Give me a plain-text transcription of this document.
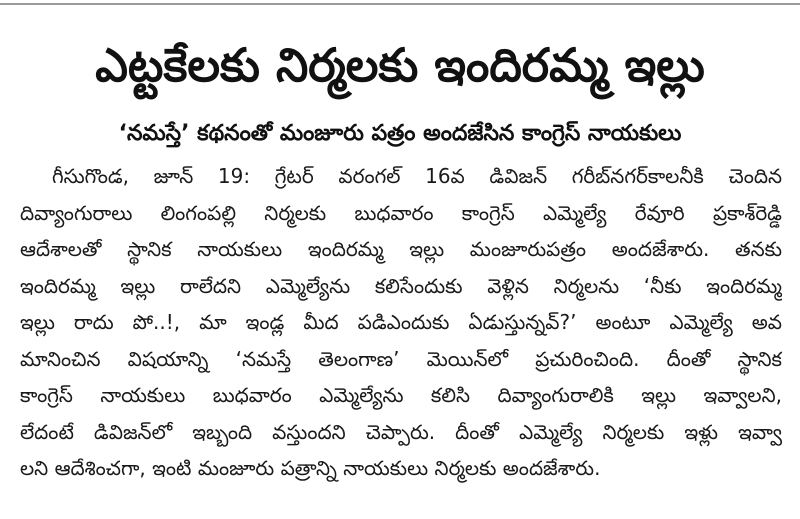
ఎట్టకేలకు నిర్మలకు ఇందిరమ్మ ఇల్లు
‘నమస్తే’ కథనంతో మంజూరు పత్రం అందజేసిన కాంగ్రెస్ నాయకులు
గీసుగొండ, జూన్ 19: గ్రేటర్ వరంగల్ 16వ డివిజన్ గరీబ్‌నగర్‌కాలనీకి చెందిన
దివ్యాంగురాలు లింగంపల్లి నిర్మలకు బుధవారం కాంగ్రెస్ ఎమ్మెల్యే రేవూరి ప్రకాశ్‌రెడ్డి
ఆదేశాలతో స్థానిక నాయకులు ఇందిరమ్మ ఇల్లు మంజూరుపత్రం అందజేశారు. తనకు
ఇందిరమ్మ ఇల్లు రాలేదని ఎమ్మెల్యేను కలిసేందుకు వెళ్లిన నిర్మలను ‘నీకు ఇందిరమ్మ
ఇల్లు రాదు పో..!, మా ఇండ్ల మీద పడిఎందుకు ఏడుస్తున్నవ్?’ అంటూ ఎమ్మెల్యే అవ
మానించిన విషయాన్ని ‘నమస్తే తెలంగాణ’ మెయిన్‌లో ప్రచురించింది. దీంతో స్థానిక
కాంగ్రెస్ నాయకులు బుధవారం ఎమ్మెల్యేను కలిసి దివ్యాంగురాలికి ఇల్లు ఇవ్వాలని,
లేదంటే డివిజన్‌లో ఇబ్బంది వస్తుందని చెప్పారు. దీంతో ఎమ్మెల్యే నిర్మలకు ఇళ్లు ఇవ్వా
లని ఆదేశించగా, ఇంటి మంజూరు పత్రాన్ని నాయకులు నిర్మలకు అందజేశారు.
